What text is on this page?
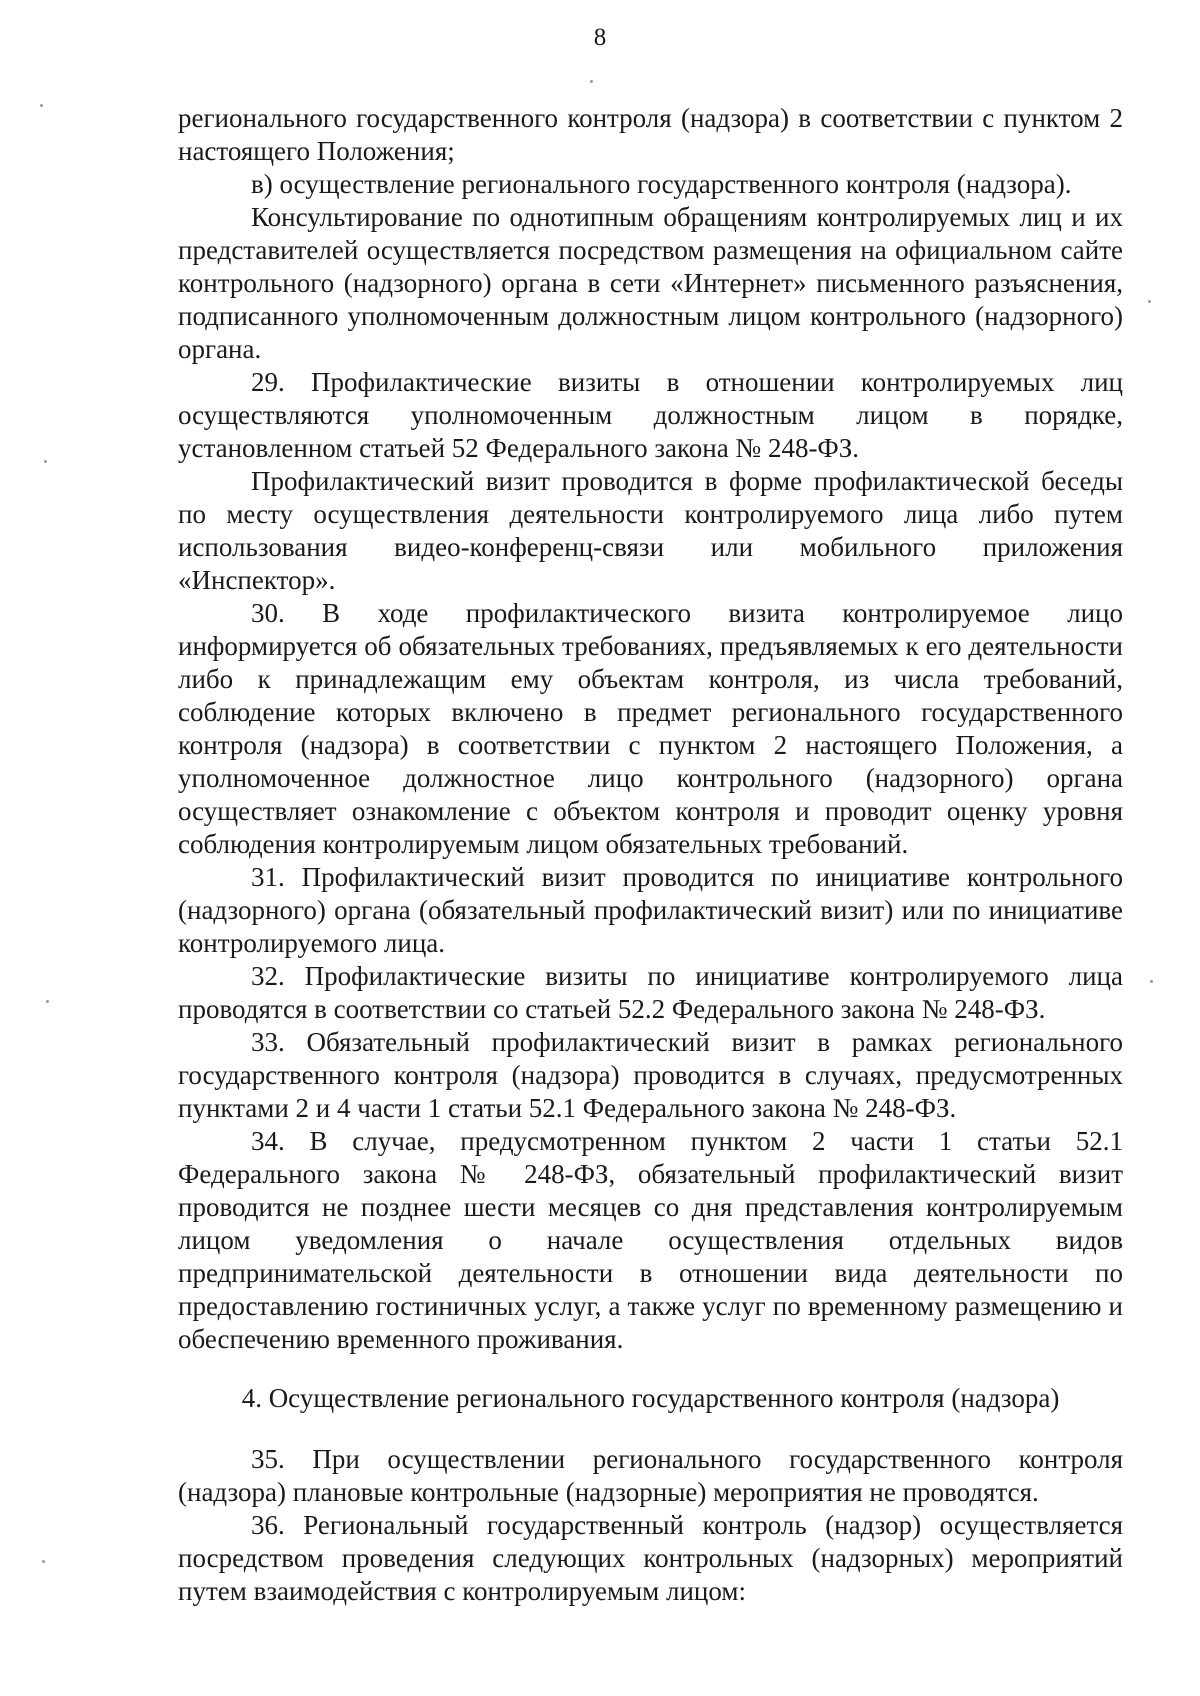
8

регионального государственного контроля (надзора) в соответствии с пунктом 2 настоящего Положения;

в) осуществление регионального государственного контроля (надзора).

Консультирование по однотипным обращениям контролируемых лиц и их представителей осуществляется посредством размещения на официальном сайте контрольного (надзорного) органа в сети «Интернет» письменного разъяснения, подписанного уполномоченным должностным лицом контрольного (надзорного) органа.

29. Профилактические визиты в отношении контролируемых лиц осуществляются уполномоченным должностным лицом в порядке, установленном статьей 52 Федерального закона № 248-ФЗ.

Профилактический визит проводится в форме профилактической беседы по месту осуществления деятельности контролируемого лица либо путем использования видео-конференц-связи или мобильного приложения «Инспектор».

30. В ходе профилактического визита контролируемое лицо информируется об обязательных требованиях, предъявляемых к его деятельности либо к принадлежащим ему объектам контроля, из числа требований, соблюдение которых включено в предмет регионального государственного контроля (надзора) в соответствии с пунктом 2 настоящего Положения, а уполномоченное должностное лицо контрольного (надзорного) органа осуществляет ознакомление с объектом контроля и проводит оценку уровня соблюдения контролируемым лицом обязательных требований.

31. Профилактический визит проводится по инициативе контрольного (надзорного) органа (обязательный профилактический визит) или по инициативе контролируемого лица.

32. Профилактические визиты по инициативе контролируемого лица проводятся в соответствии со статьей 52.2 Федерального закона № 248-ФЗ.

33. Обязательный профилактический визит в рамках регионального государственного контроля (надзора) проводится в случаях, предусмотренных пунктами 2 и 4 части 1 статьи 52.1 Федерального закона № 248-ФЗ.

34. В случае, предусмотренном пунктом 2 части 1 статьи 52.1 Федерального закона № 248-ФЗ, обязательный профилактический визит проводится не позднее шести месяцев со дня представления контролируемым лицом уведомления о начале осуществления отдельных видов предпринимательской деятельности в отношении вида деятельности по предоставлению гостиничных услуг, а также услуг по временному размещению и обеспечению временного проживания.

4. Осуществление регионального государственного контроля (надзора)

35. При осуществлении регионального государственного контроля (надзора) плановые контрольные (надзорные) мероприятия не проводятся.

36. Региональный государственный контроль (надзор) осуществляется посредством проведения следующих контрольных (надзорных) мероприятий путем взаимодействия с контролируемым лицом:
